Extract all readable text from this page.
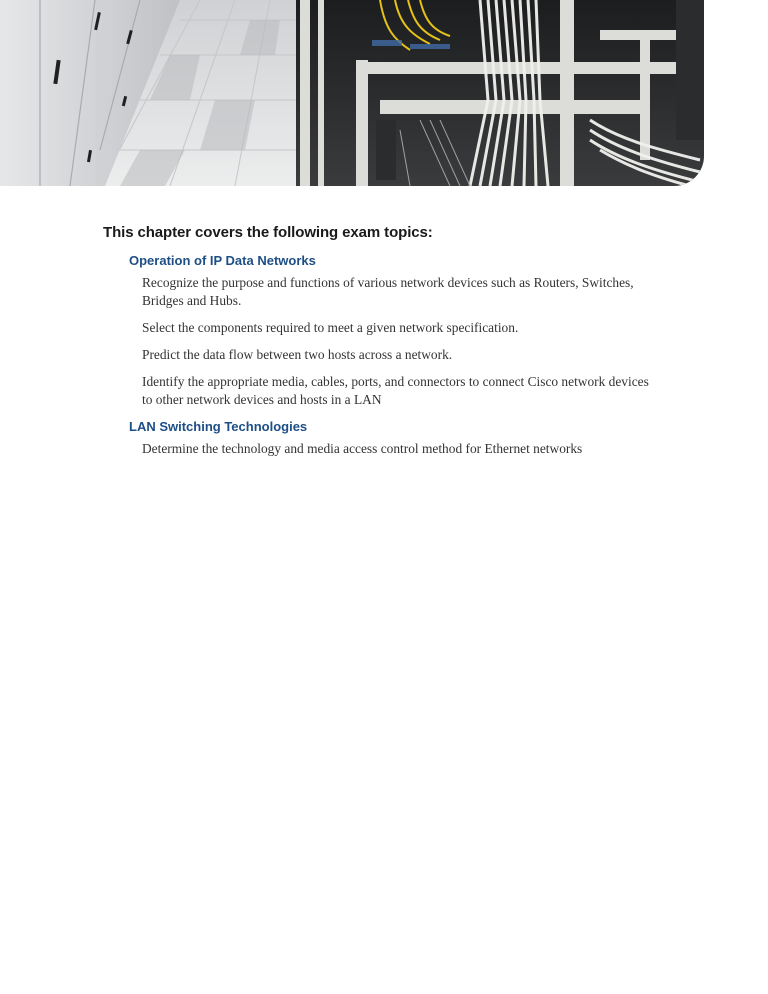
This chapter covers the following exam topics:
Operation of IP Data Networks

Recognize the purpose and functions of various network devices such as Routers, Switches, Bridges and Hubs.

Select the components required to meet a given network specification.

Predict the data flow between two hosts across a network.

Identify the appropriate media, cables, ports, and connectors to connect Cisco network devices to other network devices and hosts in a LAN

LAN Switching Technologies

Determine the technology and media access control method for Ethernet networks
